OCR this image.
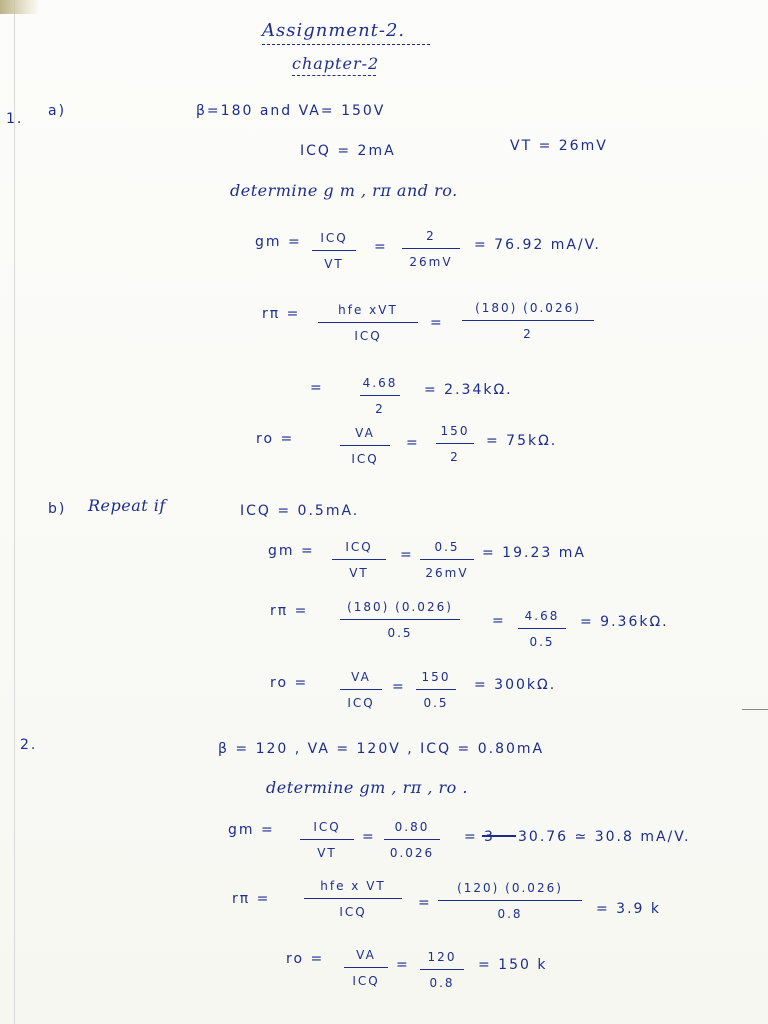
Assignment-2.
chapter-2
1. a)	β=180 and VA= 150V
ICQ = 2mA	VT = 26mV
determine g m , rπ and ro.
gm = ICQ
VT
=
2
26mV
= 76.92 mA/V.
rπ =	hfe xVT
ICQ
=
(180) (0.026)
2
=	4.68
2
= 2.34kΩ.
ro =	VA
ICQ
=
150
2
= 75kΩ.
b) Repeat if	ICQ = 0.5mA.
gm =	ICQ
VT
= 0.5
26mV
= 19.23 mA
rπ =	(180) (0.026)
0.5
= 4.68
0.5
= 9.36kΩ.
ro =	VA
ICQ
=
150
0.5
= 300kΩ.
2.	β = 120 , VA = 120V , ICQ = 0.80mA
determine gm , rπ , ro .
gm =	ICQ
VT
=
0.80
0.026
= 3 30.76 ≃ 30.8 mA/V.
rπ =
hfe x VT
ICQ
=
(120) (0.026)
0.8	= 3.9 k
ro =	VA
ICQ
= 120
0.8
= 150 k
